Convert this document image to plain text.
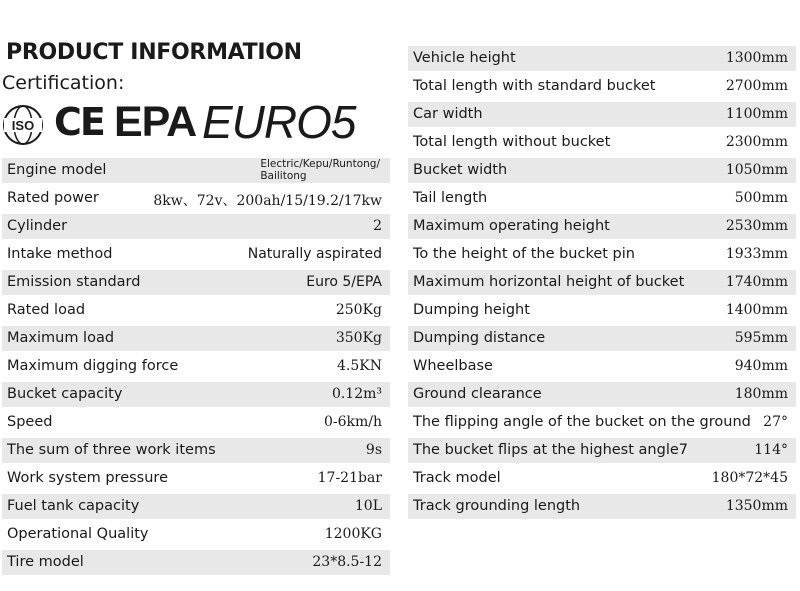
PRODUCT INFORMATION
Certification:
ISO CE EPA EURO5
Engine model	Electric/Kepu/Runtong/
Bailitong
Rated power	8kw、72v、200ah/15/19.2/17kw
Cylinder	2
Intake method	Naturally aspirated
Emission standard	Euro 5/EPA
Rated load	250Kg
Maximum load	350Kg
Maximum digging force	4.5KN
Bucket capacity	0.12m³
Speed	0-6km/h
The sum of three work items	9s
Work system pressure	17-21bar
Fuel tank capacity	10L
Operational Quality	1200KG
Tire model	23*8.5-12
Vehicle height	1300mm
Total length with standard bucket	2700mm
Car width	1100mm
Total length without bucket	2300mm
Bucket width	1050mm
Tail length	500mm
Maximum operating height	2530mm
To the height of the bucket pin	1933mm
Maximum horizontal height of bucket	1740mm
Dumping height	1400mm
Dumping distance	595mm
Wheelbase	940mm
Ground clearance	180mm
The flipping angle of the bucket on the ground 27°
The bucket flips at the highest angle7	114°
Track model	180*72*45
Track grounding length	1350mm
